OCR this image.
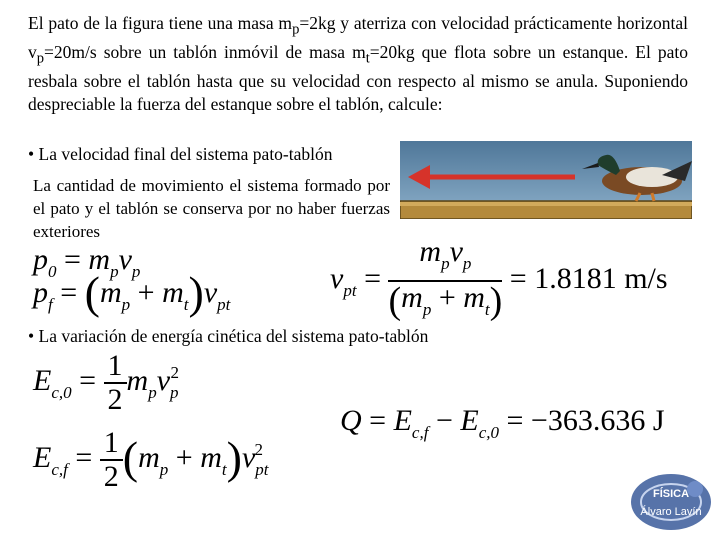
El pato de la figura tiene una masa $m_p=2kg$ y aterriza con velocidad prácticamente horizontal $v_p=20m/s$ sobre un tablón inmóvil de masa $m_t=20kg$ que flota sobre un estanque. El pato resbala sobre el tablón hasta que su velocidad con respecto al mismo se anula. Suponiendo despreciable la fuerza del estanque sobre el tablón, calcule:
• La velocidad final del sistema pato-tablón
La cantidad de movimiento el sistema formado por el pato y el tablón se conserva por no haber fuerzas exteriores
$p_0 = m_pv_p$
$p_f = (m_p + m_t)v_{pt}$
$v_{pt} = \frac{m_pv_p}{(m_p + m_t)} = 1.8181$ m/s
• La variación de energía cinética del sistema pato-tablón
$E_{c,0} = \frac{1}{2} m_pv_p^2$
$E_{c,f} = \frac{1}{2} (m_p + m_t)v_{pt}^2$
$Q = E_{c,f} - E_{c,0} = -363.636$ J
FÍSICA
Álvaro Lavín
